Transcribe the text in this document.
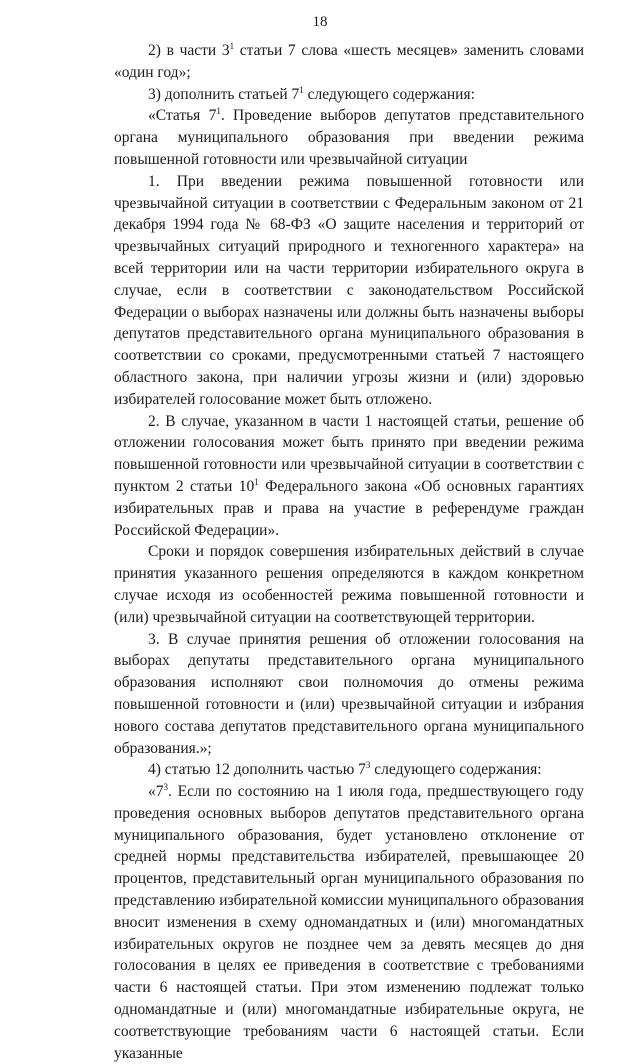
18

2) в части $3^1$ статьи 7 слова «шесть месяцев» заменить словами «один год»;

3) дополнить статьей $7^1$ следующего содержания:

«Статья $7^1$. Проведение выборов депутатов представительного органа муниципального образования при введении режима повышенной готовности или чрезвычайной ситуации

1. При введении режима повышенной готовности или чрезвычайной ситуации в соответствии с Федеральным законом от 21 декабря 1994 года № 68-ФЗ «О защите населения и территорий от чрезвычайных ситуаций природного и техногенного характера» на всей территории или на части территории избирательного округа в случае, если в соответствии с законодательством Российской Федерации о выборах назначены или должны быть назначены выборы депутатов представительного органа муниципального образования в соответствии со сроками, предусмотренными статьей 7 настоящего областного закона, при наличии угрозы жизни и (или) здоровью избирателей голосование может быть отложено.

2. В случае, указанном в части 1 настоящей статьи, решение об отложении голосования может быть принято при введении режима повышенной готовности или чрезвычайной ситуации в соответствии с пунктом 2 статьи $10^1$ Федерального закона «Об основных гарантиях избирательных прав и права на участие в референдуме граждан Российской Федерации».

Сроки и порядок совершения избирательных действий в случае принятия указанного решения определяются в каждом конкретном случае исходя из особенностей режима повышенной готовности и (или) чрезвычайной ситуации на соответствующей территории.

3. В случае принятия решения об отложении голосования на выборах депутаты представительного органа муниципального образования исполняют свои полномочия до отмены режима повышенной готовности и (или) чрезвычайной ситуации и избрания нового состава депутатов представительного органа муниципального образования.»;

4) статью 12 дополнить частью $7^3$ следующего содержания:

«$7^3$. Если по состоянию на 1 июля года, предшествующего году проведения основных выборов депутатов представительного органа муниципального образования, будет установлено отклонение от средней нормы представительства избирателей, превышающее 20 процентов, представительный орган муниципального образования по представлению избирательной комиссии муниципального образования вносит изменения в схему одномандатных и (или) многомандатных избирательных округов не позднее чем за девять месяцев до дня голосования в целях ее приведения в соответствие с требованиями части 6 настоящей статьи. При этом изменению подлежат только одномандатные и (или) многомандатные избирательные округа, не соответствующие требованиям части 6 настоящей статьи. Если указанные
